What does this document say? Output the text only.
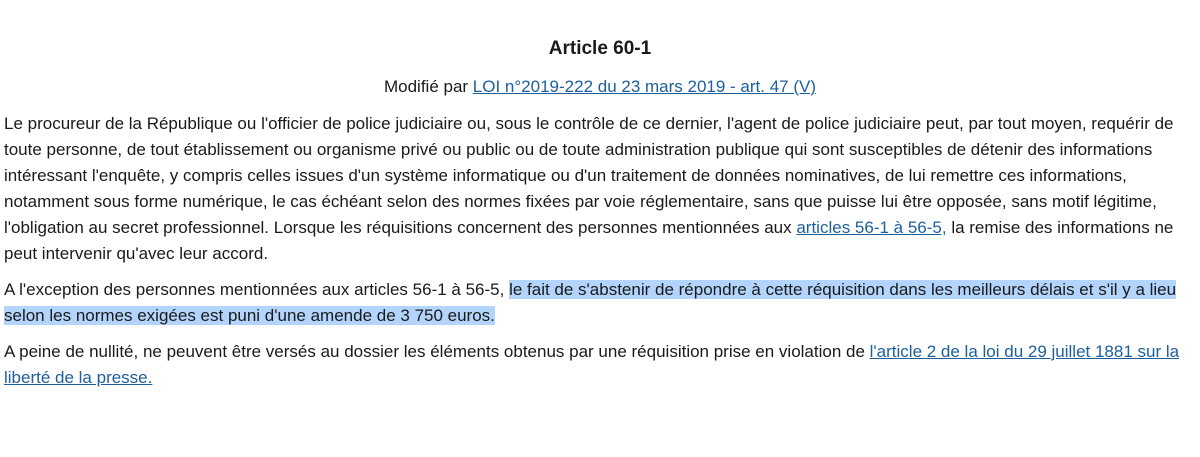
Article 60-1
Modifié par LOI n°2019-222 du 23 mars 2019 - art. 47 (V)

Le procureur de la République ou l'officier de police judiciaire ou, sous le contrôle de ce dernier, l'agent de police judiciaire peut, par tout moyen, requérir de toute personne, de tout établissement ou organisme privé ou public ou de toute administration publique qui sont susceptibles de détenir des informations intéressant l'enquête, y compris celles issues d'un système informatique ou d'un traitement de données nominatives, de lui remettre ces informations, notamment sous forme numérique, le cas échéant selon des normes fixées par voie réglementaire, sans que puisse lui être opposée, sans motif légitime, l'obligation au secret professionnel. Lorsque les réquisitions concernent des personnes mentionnées aux articles 56-1 à 56-5, la remise des informations ne peut intervenir qu'avec leur accord.

A l'exception des personnes mentionnées aux articles 56-1 à 56-5, le fait de s'abstenir de répondre à cette réquisition dans les meilleurs délais et s'il y a lieu selon les normes exigées est puni d'une amende de 3 750 euros.

A peine de nullité, ne peuvent être versés au dossier les éléments obtenus par une réquisition prise en violation de l'article 2 de la loi du 29 juillet 1881 sur la liberté de la presse.
